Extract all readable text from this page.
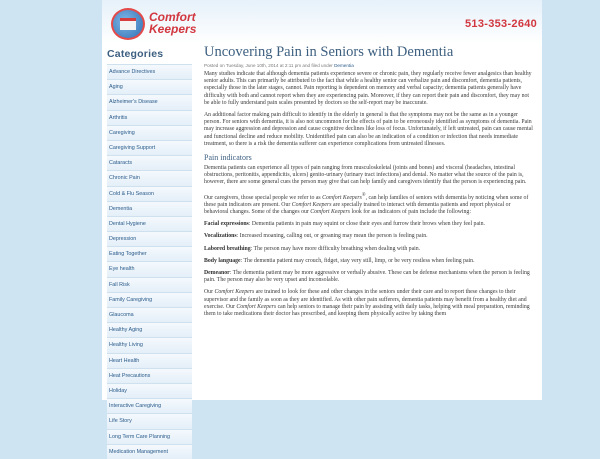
Comfort
Keepers	513-353-2640
Categories
Advance Directives
Aging
Alzheimer's Disease
Arthritis
Caregiving
Caregiving Support
Cataracts
Chronic Pain
Cold & Flu Season
Dementia
Dental Hygiene
Depression
Eating Together
Eye health
Fall Risk
Family Caregiving
Glaucoma
Healthy Aging
Healthy Living
Heart Health
Heat Precautions
Holiday
Interactive Caregiving
Life Story
Long Term Care Planning
Medication Management
Uncovering Pain in Seniors with Dementia
Posted on Tuesday, June 10th, 2014 at 2:11 pm and filed under Dementia

Many studies indicate that although dementia patients experience severe or chronic pain, they regularly receive fewer analgesics than healthy senior adults. This can primarily be attributed to the fact that while a healthy senior can verbalize pain and discomfort, dementia patients, especially those in the later stages, cannot. Pain reporting is dependent on memory and verbal capacity; dementia patients generally have difficulty with both and cannot report when they are experiencing pain. Moreover, if they can report their pain and discomfort, they may not be able to fully understand pain scales presented by doctors so the self-report may be inaccurate.

An additional factor making pain difficult to identify in the elderly in general is that the symptoms may not be the same as in a younger person. For seniors with dementia, it is also not uncommon for the effects of pain to be erroneously identified as symptoms of dementia. Pain may increase aggression and depression and cause cognitive declines like loss of focus. Unfortunately, if left untreated, pain can cause mental and functional decline and reduce mobility. Unidentified pain can also be an indication of a condition or infection that needs immediate treatment, so there is a risk the dementia sufferer can experience complications from untreated illnesses.

Pain indicators

Dementia patients can experience all types of pain ranging from musculoskeletal (joints and bones) and visceral (headaches, intestinal obstructions, peritonitis, appendicitis, ulcers) genito-urinary (urinary tract infections) and dental. No matter what the source of the pain is, however, there are some general cues the person may give that can help family and caregivers identify that the person is experiencing pain.

Our caregivers, those special people we refer to as Comfort Keepers®, can help families of seniors with dementia by noticing when some of these pain indicators are present. Our Comfort Keepers are specially trained to interact with dementia patients and report physical or behavioral changes. Some of the changes our Comfort Keepers look for as indicators of pain include the following:

Facial expressions: Dementia patients in pain may squint or close their eyes and furrow their brows when they feel pain.

Vocalizations: Increased moaning, calling out, or groaning may mean the person is feeling pain.

Labored breathing: The person may have more difficulty breathing when dealing with pain.

Body language: The dementia patient may crouch, fidget, stay very still, limp, or be very restless when feeling pain.

Demeanor: The dementia patient may be more aggressive or verbally abusive. These can be defense mechanisms when the person is feeling pain. The person may also be very upset and inconsolable.

Our Comfort Keepers are trained to look for these and other changes in the seniors under their care and to report these changes to their supervisor and the family as soon as they are identified. As with other pain sufferers, dementia patients may benefit from a healthy diet and exercise. Our Comfort Keepers can help seniors to manage their pain by assisting with daily tasks, helping with meal preparation, reminding them to take medications their doctor has prescribed, and keeping them physically active by taking them
